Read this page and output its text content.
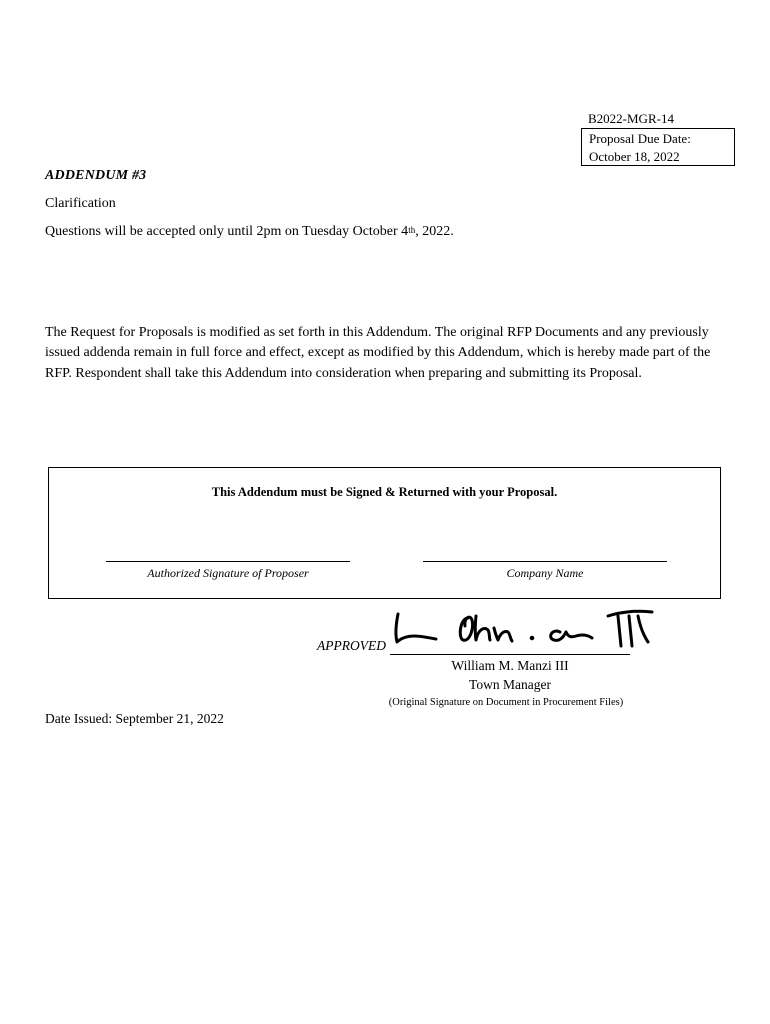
B2022-MGR-14
Proposal Due Date:
October 18, 2022
ADDENDUM #3
Clarification
Questions will be accepted only until 2pm on Tuesday October 4th, 2022.
The Request for Proposals is modified as set forth in this Addendum. The original RFP Documents and any previously issued addenda remain in full force and effect, except as modified by this Addendum, which is hereby made part of the RFP. Respondent shall take this Addendum into consideration when preparing and submitting its Proposal.
This Addendum must be Signed & Returned with your Proposal.
Authorized Signature of Proposer	Company Name
APPROVED
William M. Manzi III
Town Manager
(Original Signature on Document in Procurement Files)
Date Issued: September 21, 2022
